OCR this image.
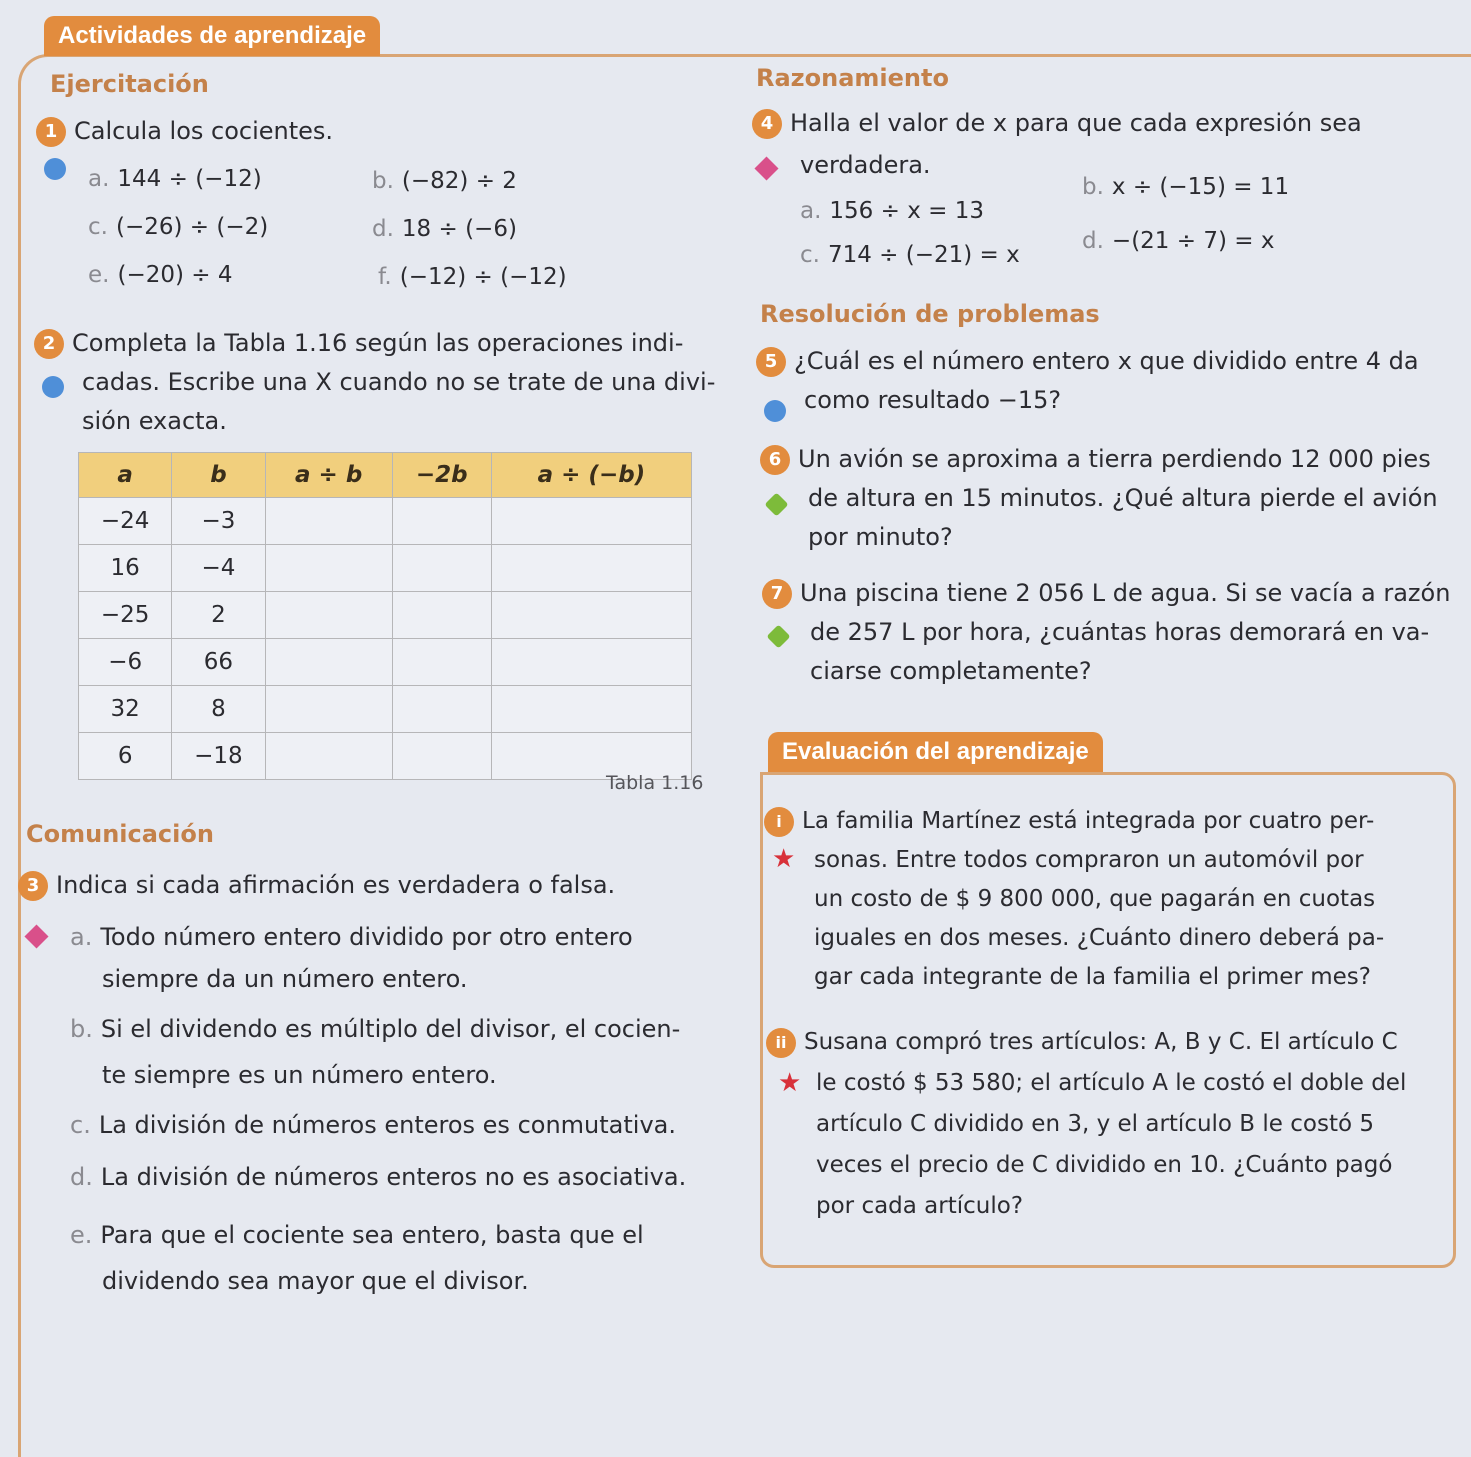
Actividades de aprendizaje
Ejercitación
1 Calcula los cocientes.
a. 144 ÷ (−12)	b. (−82) ÷ 2
c. (−26) ÷ (−2)	d. 18 ÷ (−6)
e. (−20) ÷ 4	f. (−12) ÷ (−12)
2 Completa la Tabla 1.16 según las operaciones indi-
cadas. Escribe una X cuando no se trate de una divi-
sión exacta.
a	b	a ÷ b	−2b	a ÷ (−b)
−24	−3			
16	−4			
−25	2			
−6	66			
32	8			
6	−18			
Tabla 1.16
Comunicación
3 Indica si cada afirmación es verdadera o falsa.
a. Todo número entero dividido por otro entero
siempre da un número entero.
b. Si el dividendo es múltiplo del divisor, el cocien-
te siempre es un número entero.
c. La división de números enteros es conmutativa.
d. La división de números enteros no es asociativa.
e. Para que el cociente sea entero, basta que el
dividendo sea mayor que el divisor.
Razonamiento
4 Halla el valor de x para que cada expresión sea
verdadera.
a. 156 ÷ x = 13
b. x ÷ (−15) = 11
c. 714 ÷ (−21) = x
d. −(21 ÷ 7) = x
Resolución de problemas
5 ¿Cuál es el número entero x que dividido entre 4 da
como resultado −15?
6 Un avión se aproxima a tierra perdiendo 12 000 pies
de altura en 15 minutos. ¿Qué altura pierde el avión
por minuto?
7 Una piscina tiene 2 056 L de agua. Si se vacía a razón
de 257 L por hora, ¿cuántas horas demorará en va-
ciarse completamente?
Evaluación del aprendizaje
i La familia Martínez está integrada por cuatro per-
sonas. Entre todos compraron un automóvil por
un costo de $ 9 800 000, que pagarán en cuotas
iguales en dos meses. ¿Cuánto dinero deberá pa-
gar cada integrante de la familia el primer mes?
★
ii Susana compró tres artículos: A, B y C. El artículo C
le costó $ 53 580; el artículo A le costó el doble del
artículo C dividido en 3, y el artículo B le costó 5
veces el precio de C dividido en 10. ¿Cuánto pagó
por cada artículo?
★
